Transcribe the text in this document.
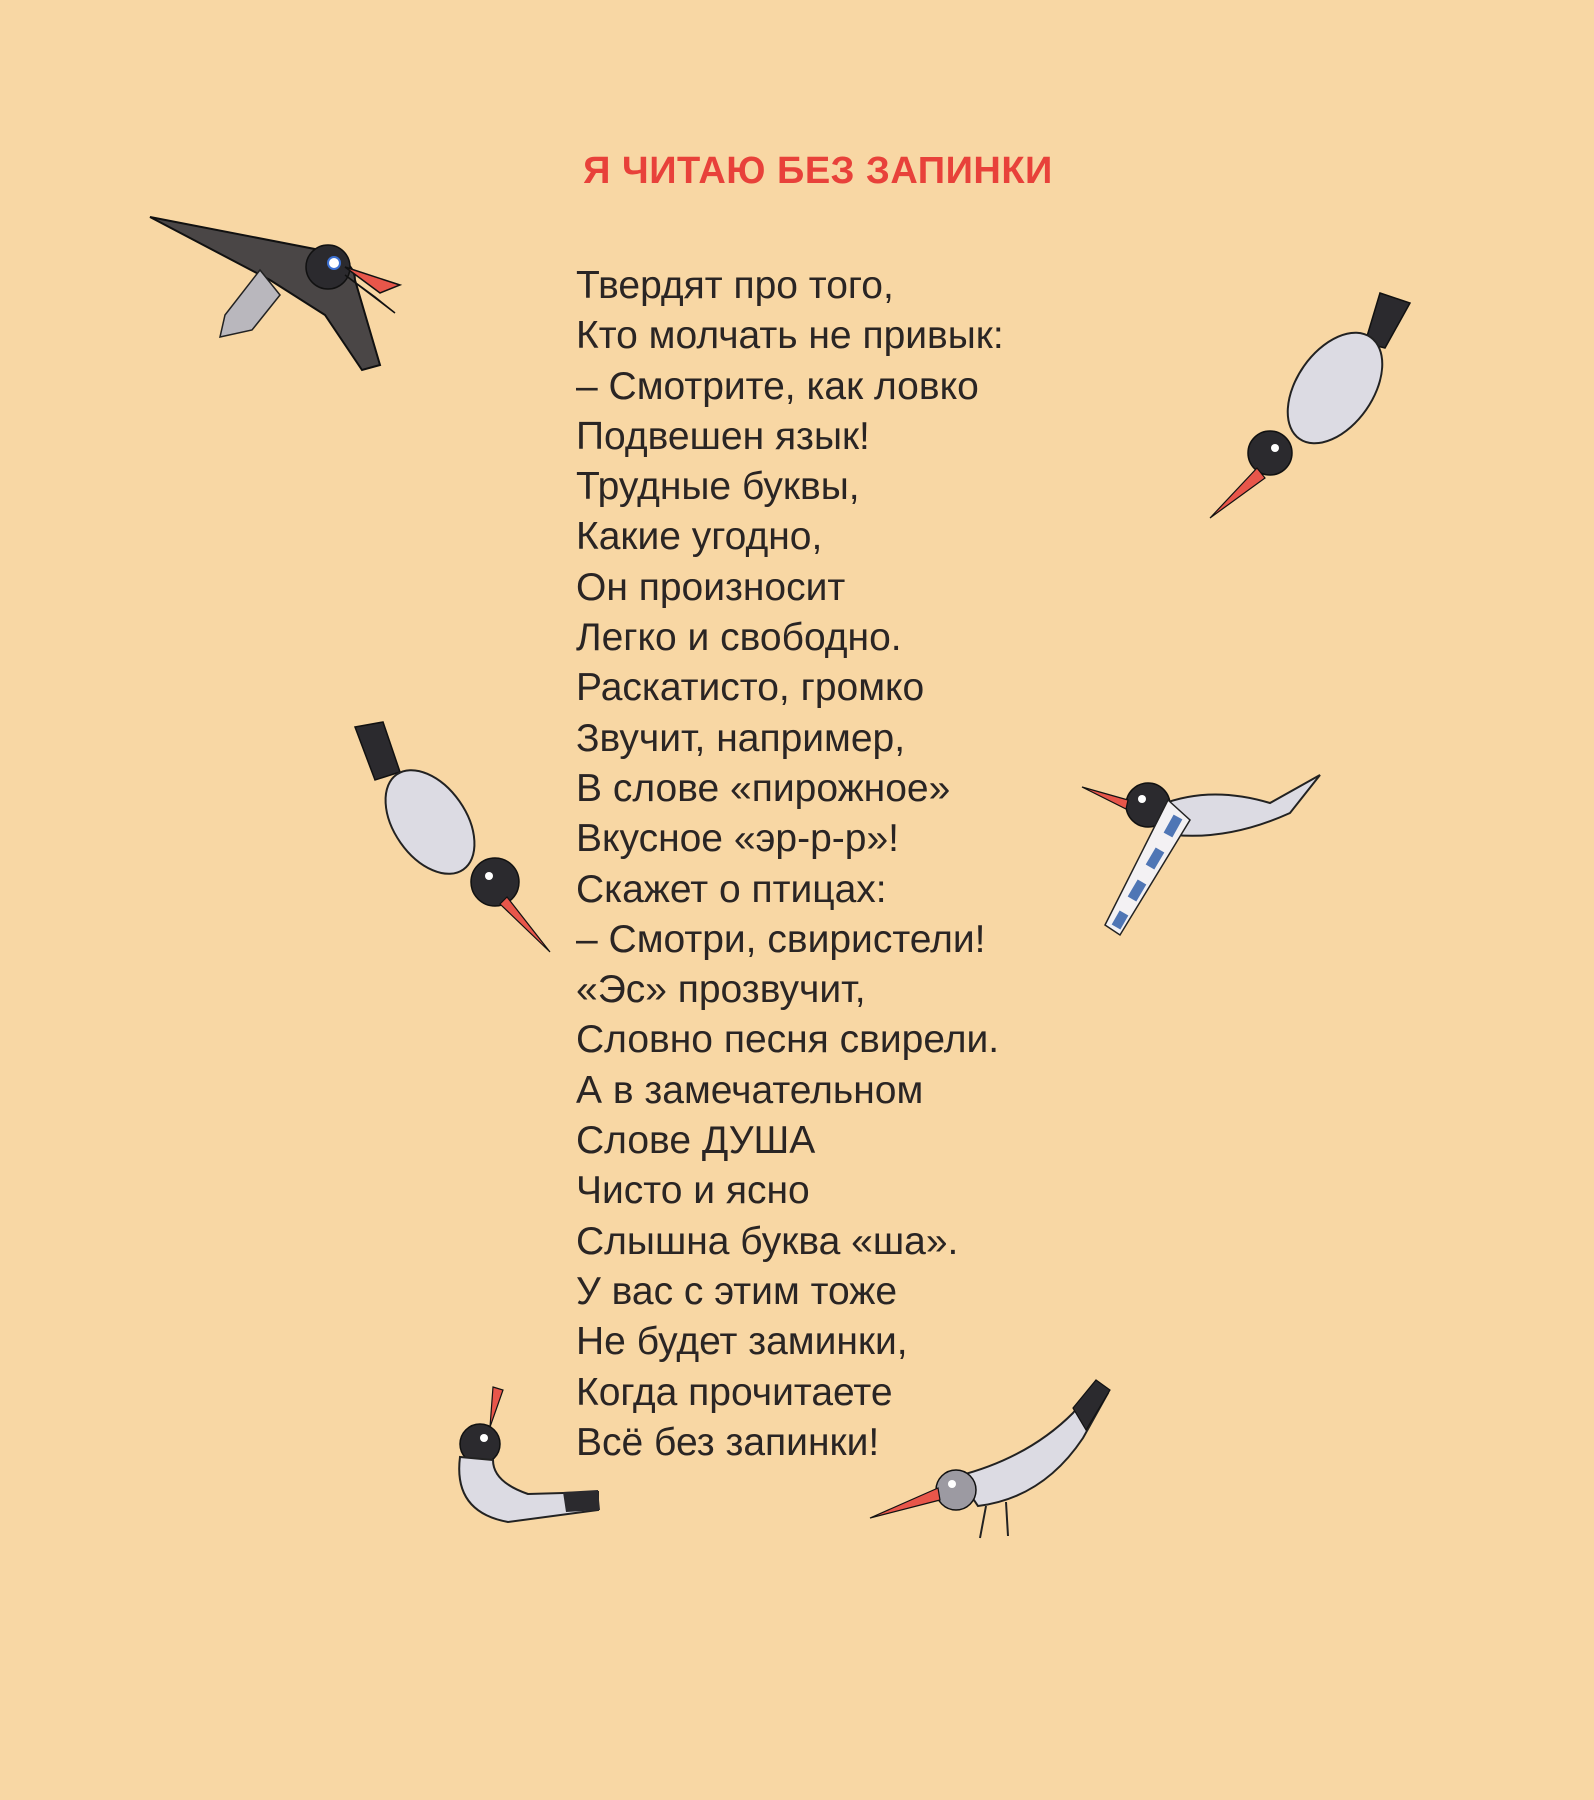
Я ЧИТАЮ БЕЗ ЗАПИНКИ
Твердят про того,
Кто молчать не привык:
– Смотрите, как ловко
Подвешен язык!
Трудные буквы,
Какие угодно,
Он произносит
Легко и свободно.
Раскатисто, громко
Звучит, например,
В слове «пирожное»
Вкусное «эр-р-р»!
Скажет о птицах:
– Смотри, свиристели!
«Эс» прозвучит,
Словно песня свирели.
А в замечательном
Слове ДУША
Чисто и ясно
Слышна буква «ша».
У вас с этим тоже
Не будет заминки,
Когда прочитаете
Всё без запинки!
